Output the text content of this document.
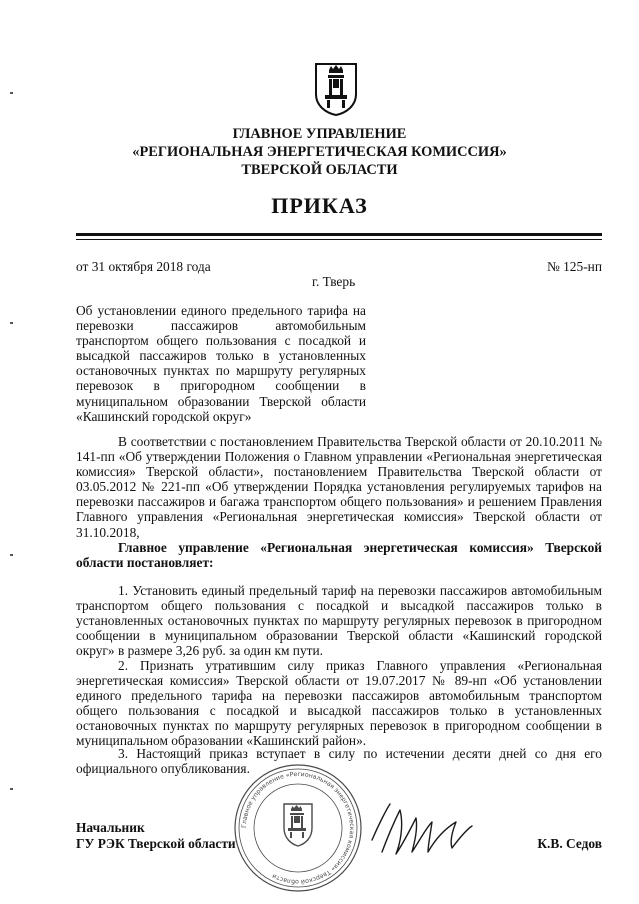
ГЛАВНОЕ УПРАВЛЕНИЕ
«РЕГИОНАЛЬНАЯ ЭНЕРГЕТИЧЕСКАЯ КОМИССИЯ»
ТВЕРСКОЙ ОБЛАСТИ
ПРИКАЗ
от 31 октября 2018 года	№ 125-нп
г. Тверь
Об установлении единого предельного тарифа на перевозки пассажиров автомобильным транспортом общего пользования с посадкой и высадкой пассажиров только в установленных остановочных пунктах по маршруту регулярных перевозок в пригородном сообщении в муниципальном образовании Тверской области «Кашинский городской округ»
В соответствии с постановлением Правительства Тверской области от 20.10.2011 № 141-пп «Об утверждении Положения о Главном управлении «Региональная энергетическая комиссия» Тверской области», постановлением Правительства Тверской области от 03.05.2012 № 221-пп «Об утверждении Порядка установления регулируемых тарифов на перевозки пассажиров и багажа транспортом общего пользования» и решением Правления Главного управления «Региональная энергетическая комиссия» Тверской области от 31.10.2018,
Главное управление «Региональная энергетическая комиссия» Тверской области постановляет:
1. Установить единый предельный тариф на перевозки пассажиров автомобильным транспортом общего пользования с посадкой и высадкой пассажиров только в установленных остановочных пунктах по маршруту регулярных перевозок в пригородном сообщении в муниципальном образовании Тверской области «Кашинский городской округ» в размере 3,26 руб. за один км пути.
2. Признать утратившим силу приказ Главного управления «Региональная энергетическая комиссия» Тверской области от 19.07.2017 № 89-нп «Об установлении единого предельного тарифа на перевозки пассажиров автомобильным транспортом общего пользования с посадкой и высадкой пассажиров только в установленных остановочных пунктах по маршруту регулярных перевозок в пригородном сообщении в муниципальном образовании «Кашинский район».
3. Настоящий приказ вступает в силу по истечении десяти дней со дня его официального опубликования.
Главное управление «Региональная энергетическая комиссия» Тверской области
Начальник
ГУ РЭК Тверской области	К.В. Седов
